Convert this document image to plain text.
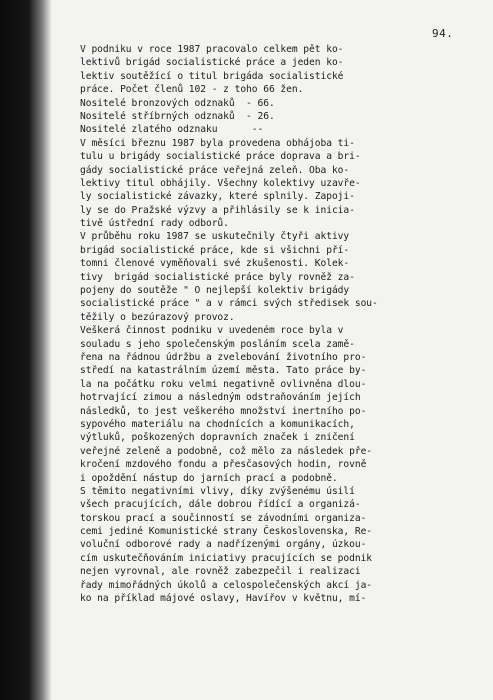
94.
V podniku v roce 1987 pracovalo celkem pět ko-
lektivů brigád socialistické práce a jeden ko-
lektiv soutěžící o titul brigáda socialistické
práce. Počet členů 102 - z toho 66 žen.
Nositelé bronzových odznaků  - 66.
Nositelé stříbrných odznaků  - 26.
Nositelé zlatého odznaku      --
V měsíci březnu 1987 byla provedena obhájoba ti-
tulu u brigády socialistické práce doprava a bri-
gády socialistické práce veřejná zeleň. Oba ko-
lektivy titul obhájily. Všechny kolektivy uzavře-
ly socialistické závazky, které splnily. Zapoji-
ly se do Pražské výzvy a přihlásily se k inicia-
tivě ústřední rady odborů.
V průběhu roku 1987 se uskutečnily čtyři aktivy
brigád socialistické práce, kde si všichni pří-
tomni členové vyměňovali své zkušenosti. Kolek-
tivy  brigád socialistické práce byly rovněž za-
pojeny do soutěže " O nejlepší kolektiv brigády
socialistické práce " a v rámci svých středisek sou-
těžily o bezúrazový provoz.
Veškerá činnost podniku v uvedeném roce byla v
souladu s jeho společenským posláním scela zamě-
řena na řádnou údržbu a zvelebování životního pro-
středí na katastrálním území města. Tato práce by-
la na počátku roku velmi negativně ovlivněna dlou-
hotrvající zimou a následným odstraňováním jejích
následků, to jest veškerého množství inertního po-
sypového materiálu na chodnících a komunikacích,
výtluků, poškozených dopravních značek i zničení
veřejné zeleně a podobně, což mělo za následek pře-
kročení mzdového fondu a přesčasových hodin, rovně
i opoždění nástup do jarních prací a podobně.
S těmito negativními vlivy, díky zvýšenému úsilí
všech pracujících, dále dobrou řídící a organizá-
torskou prací a součinností se závodními organiza-
cemi jediné Komunistické strany Československa, Re-
voluční odborové rady a nadřízenými orgány, úzkou-
cím uskutečňováním iniciativy pracujících se podnik
nejen vyrovnal, ale rovněž zabezpečil i realizaci
řady mimořádných úkolů a celospolečenských akcí ja-
ko na příklad májové oslavy, Havířov v květnu, mí-
